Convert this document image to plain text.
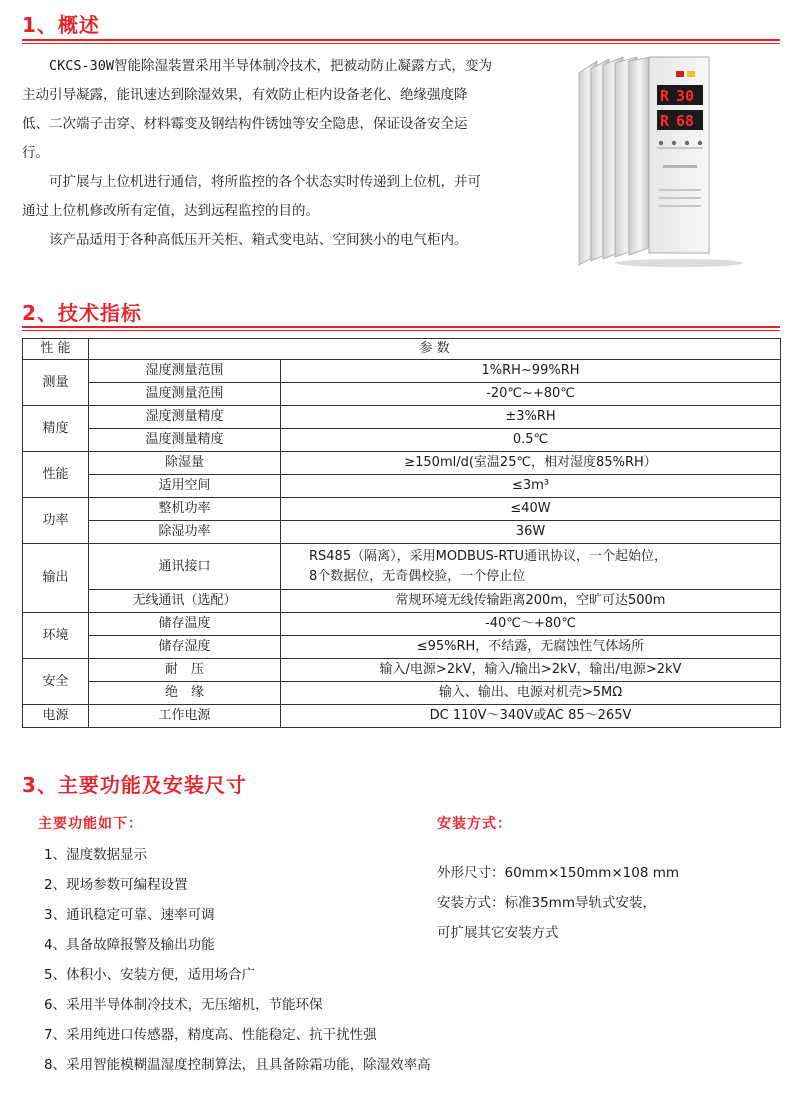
1、概述

CKCS-30W智能除湿装置采用半导体制冷技术，把被动防止凝露方式，变为主动引导凝露，能讯速达到除湿效果，有效防止柜内设备老化、绝缘强度降低、二次端子击穿、材料霉变及钢结构件锈蚀等安全隐患，保证设备安全运行。

可扩展与上位机进行通信，将所监控的各个状态实时传递到上位机，并可通过上位机修改所有定值，达到远程监控的目的。

该产品适用于各种高低压开关柜、箱式变电站、空间狭小的电气柜内。

R 30
R 68
2、技术指标
性 能	参 数	
测量	湿度测量范围	1%RH~99%RH
	温度测量范围	-20℃~+80℃
精度	湿度测量精度	±3%RH
	温度测量精度	0.5℃
性能	除湿量	≥150ml/d(室温25℃，相对湿度85%RH）
	适用空间	≤3m³
功率	整机功率	≤40W
	除湿功率	36W
输出	通讯接口	RS485（隔离），采用MODBUS-RTU通讯协议，一个起始位，
8个数据位，无奇偶校验，一个停止位

	无线通讯（选配）	常规环境无线传输距离200m，空旷可达500m
环境	储存温度	-40℃～+80℃
	储存湿度	≤95%RH，不结露，无腐蚀性气体场所
安全	耐　压	输入/电源>2kV，输入/输出>2kV，输出/电源>2kV
	绝　缘	输入、输出、电源对机壳>5MΩ
电源	工作电源	DC 110V～340V或AC 85～265V
3、主要功能及安装尺寸
主要功能如下：
1、湿度数据显示
2、现场参数可编程设置
3、通讯稳定可靠、速率可调
4、具备故障报警及输出功能
5、体积小、安装方便，适用场合广
6、采用半导体制冷技术，无压缩机，节能环保
7、采用纯进口传感器，精度高、性能稳定、抗干扰性强
8、采用智能模糊温湿度控制算法，且具备除霜功能，除湿效率高
安装方式：
外形尺寸：60mm×150mm×108 mm
安装方式：标准35mm导轨式安装，
可扩展其它安装方式
